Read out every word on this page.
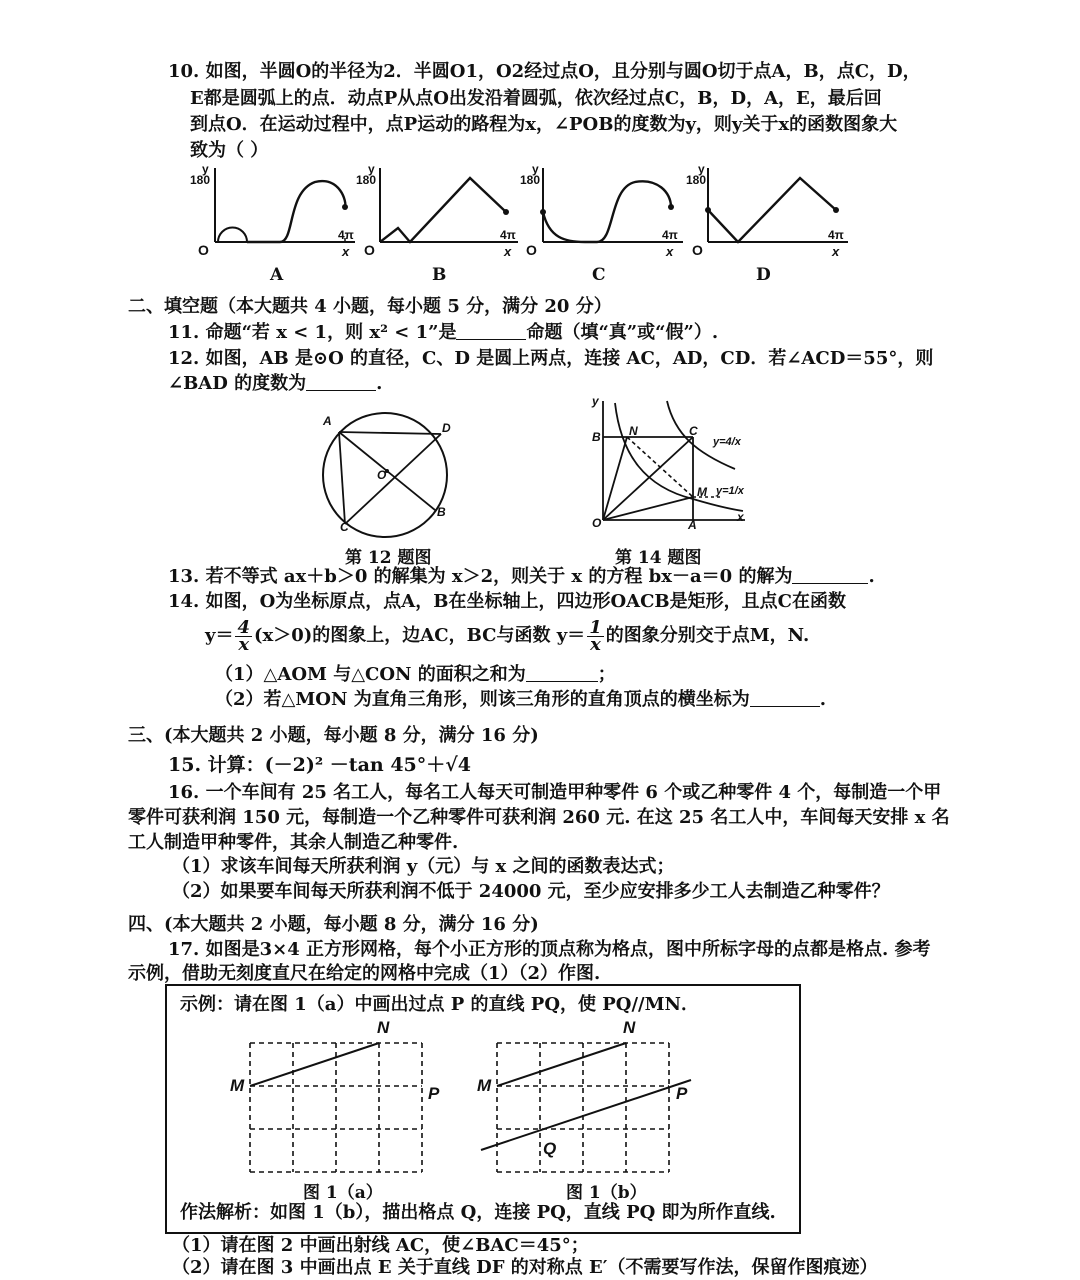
10. 如图，半圆O的半径为2．半圆O1，O2经过点O，且分别与圆O切于点A，B，点C，D，
E都是圆弧上的点．动点P从点O出发沿着圆弧，依次经过点C，B，D，A，E，最后回
到点O．在运动过程中，点P运动的路程为x，∠POB的度数为y，则y关于x的函数图象大
致为（ ）
y
180
O
4π
x
A
y
180
O
4π
x
B
y
180
O
4π
x
C
y
180
O
4π
x
D
二、填空题（本大题共 4 小题，每小题 5 分，满分 20 分）
11. 命题“若 x < 1，则 x² < 1”是	命题（填“真”或“假”）.
12. 如图，AB 是⊙O 的直径，C、D 是圆上两点，连接 AC，AD，CD．若∠ACD＝55°，则
∠BAD 的度数为	.
A	D
O
C
B
第 12 题图
y
B N	C
y=4/x
M y=1/x
O	A
x
第 14 题图
13. 若不等式 ax＋b＞0 的解集为 x＞2，则关于 x 的方程 bx－a＝0 的解为	.
14. 如图，O为坐标原点，点A，B在坐标轴上，四边形OACB是矩形，且点C在函数
$y= \frac{4}{x} (x>0)$的图象上，边AC，BC与函数 $y= \frac{1}{x}$ 的图象分别交于点M，N.
（1）△AOM 与△CON 的面积之和为	；
（2）若△MON 为直角三角形，则该三角形的直角顶点的横坐标为	.
三、(本大题共 2 小题，每小题 8 分，满分 16 分)
15. 计算：(－2)² －tan 45°＋√4
16. 一个车间有 25 名工人，每名工人每天可制造甲种零件 6 个或乙种零件 4 个，每制造一个甲
零件可获利润 150 元，每制造一个乙种零件可获利润 260 元. 在这 25 名工人中，车间每天安排 x 名
工人制造甲种零件，其余人制造乙种零件.
（1）求该车间每天所获利润 y（元）与 x 之间的函数表达式；
（2）如果要车间每天所获利润不低于 24000 元，至少应安排多少工人去制造乙种零件？
四、(本大题共 2 小题，每小题 8 分，满分 16 分)
17. 如图是3×4 正方形网格，每个小正方形的顶点称为格点，图中所标字母的点都是格点. 参考
示例，借助无刻度直尺在给定的网格中完成（1）（2）作图.
示例：请在图 1（a）中画出过点 P 的直线 PQ，使 PQ//MN．
M
N
P
图 1（a）
M
N
P
Q
图 1（b）
作法解析：如图 1（b），描出格点 Q，连接 PQ，直线 PQ 即为所作直线.
（1）请在图 2 中画出射线 AC，使∠BAC＝45°；
（2）请在图 3 中画出点 E 关于直线 DF 的对称点 E′（不需要写作法，保留作图痕迹）
